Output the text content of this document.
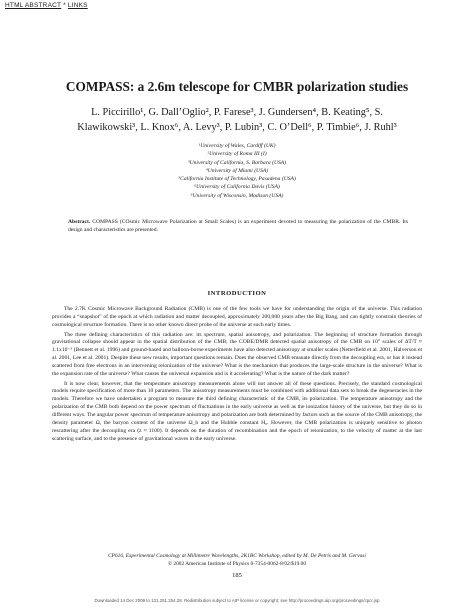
HTML ABSTRACT * LINKS
COMPASS: a 2.6m telescope for CMBR polarization studies
L. Piccirillo¹, G. Dall’Oglio², P. Farese³, J. Gundersen⁴, B. Keating⁵, S.
Klawikowski³, L. Knox⁶, A. Levy³, P. Lubin³, C. O’Dell⁶, P. Timbie⁶, J. Ruhl³
¹University of Wales, Cardiff (UK)
²University of Roma III (I)
³University of California, S. Barbara (USA)
⁴University of Miami (USA)
⁵California Institute of Technology, Pasadena (USA)
⁶University of California Davis (USA)
⁶University of Wisconsin, Madison (USA)

Abstract. COMPASS (COsmic Microwave Polarization at Small Scales) is an experiment devoted to measuring the polarization of the CMBR. Its design and characteristics are presented.

INTRODUCTION

The 2.7K Cosmic Microwave Background Radiation (CMB) is one of the few tools we have for understanding the origin of the universe. This radiation provides a “snapshot” of the epoch at which radiation and matter decoupled, approximately 200,000 years after the Big Bang, and can tightly constrain theories of cosmological structure formation. There is no other known direct probe of the universe at such early times.

The three defining characteristics of this radiation are: its spectrum, spatial anisotropy, and polarization. The beginning of structure formation through gravitational collapse should appear in the spatial distribution of the CMB; the COBE/DMR detected spatial anisotropy of the CMB on 10° scales of ΔT/T ≈ 1.1x10⁻⁵ (Bennett et al. 1996) and ground-based and balloon-borne experiments have also detected anisotropy at smaller scales (Netterfield et al. 2001, Halverson et al. 2001, Lee et al. 2001). Despite these new results, important questions remain. Does the observed CMB emanate directly from the decoupling era, or has it instead scattered from free electrons in an intervening reionization of the universe? What is the mechanism that produces the large-scale structure in the universe? What is the expansion rate of the universe? What causes the universal expansion and is it accelerating? What is the nature of the dark matter?

It is now clear, however, that the temperature anisotropy measurements alone will not answer all of these questions. Precisely, the standard cosmological models require specification of more than 10 parameters. The anisotropy measurements must be combined with additional data sets to break the degeneracies in the models. Therefore we have undertaken a program to measure the third defining characteristic of the CMB, its polarization. The temperature anisotropy and the polarization of the CMB both depend on the power spectrum of fluctuations in the early universe as well as the ionization history of the universe, but they do so in different ways. The angular power spectrum of temperature anisotropy and polarization are both determined by factors such as the source of the CMB anisotropy, the density parameter Ω, the baryon content of the universe Ω_b and the Hubble constant H₀. However, the CMB polarization is uniquely sensitive to photon rescattering after the decoupling era (z ≈ 1100). It depends on the duration of recombination and the epoch of reionization, to the velocity of matter at the last scattering surface, and to the presence of gravitational waves in the early universe.

CP616, Experimental Cosmology at Millimetre Wavelengths, 2K1BC Workshop, edited by M. De Petris and M. Gervasi
© 2002 American Institute of Physics 0-7354-0062-8/02/$19.00
185
Downloaded 14 Dec 2009 to 131.251.254.28. Redistribution subject to AIP license or copyright; see http://proceedings.aip.org/proceedings/cpcr.jsp
